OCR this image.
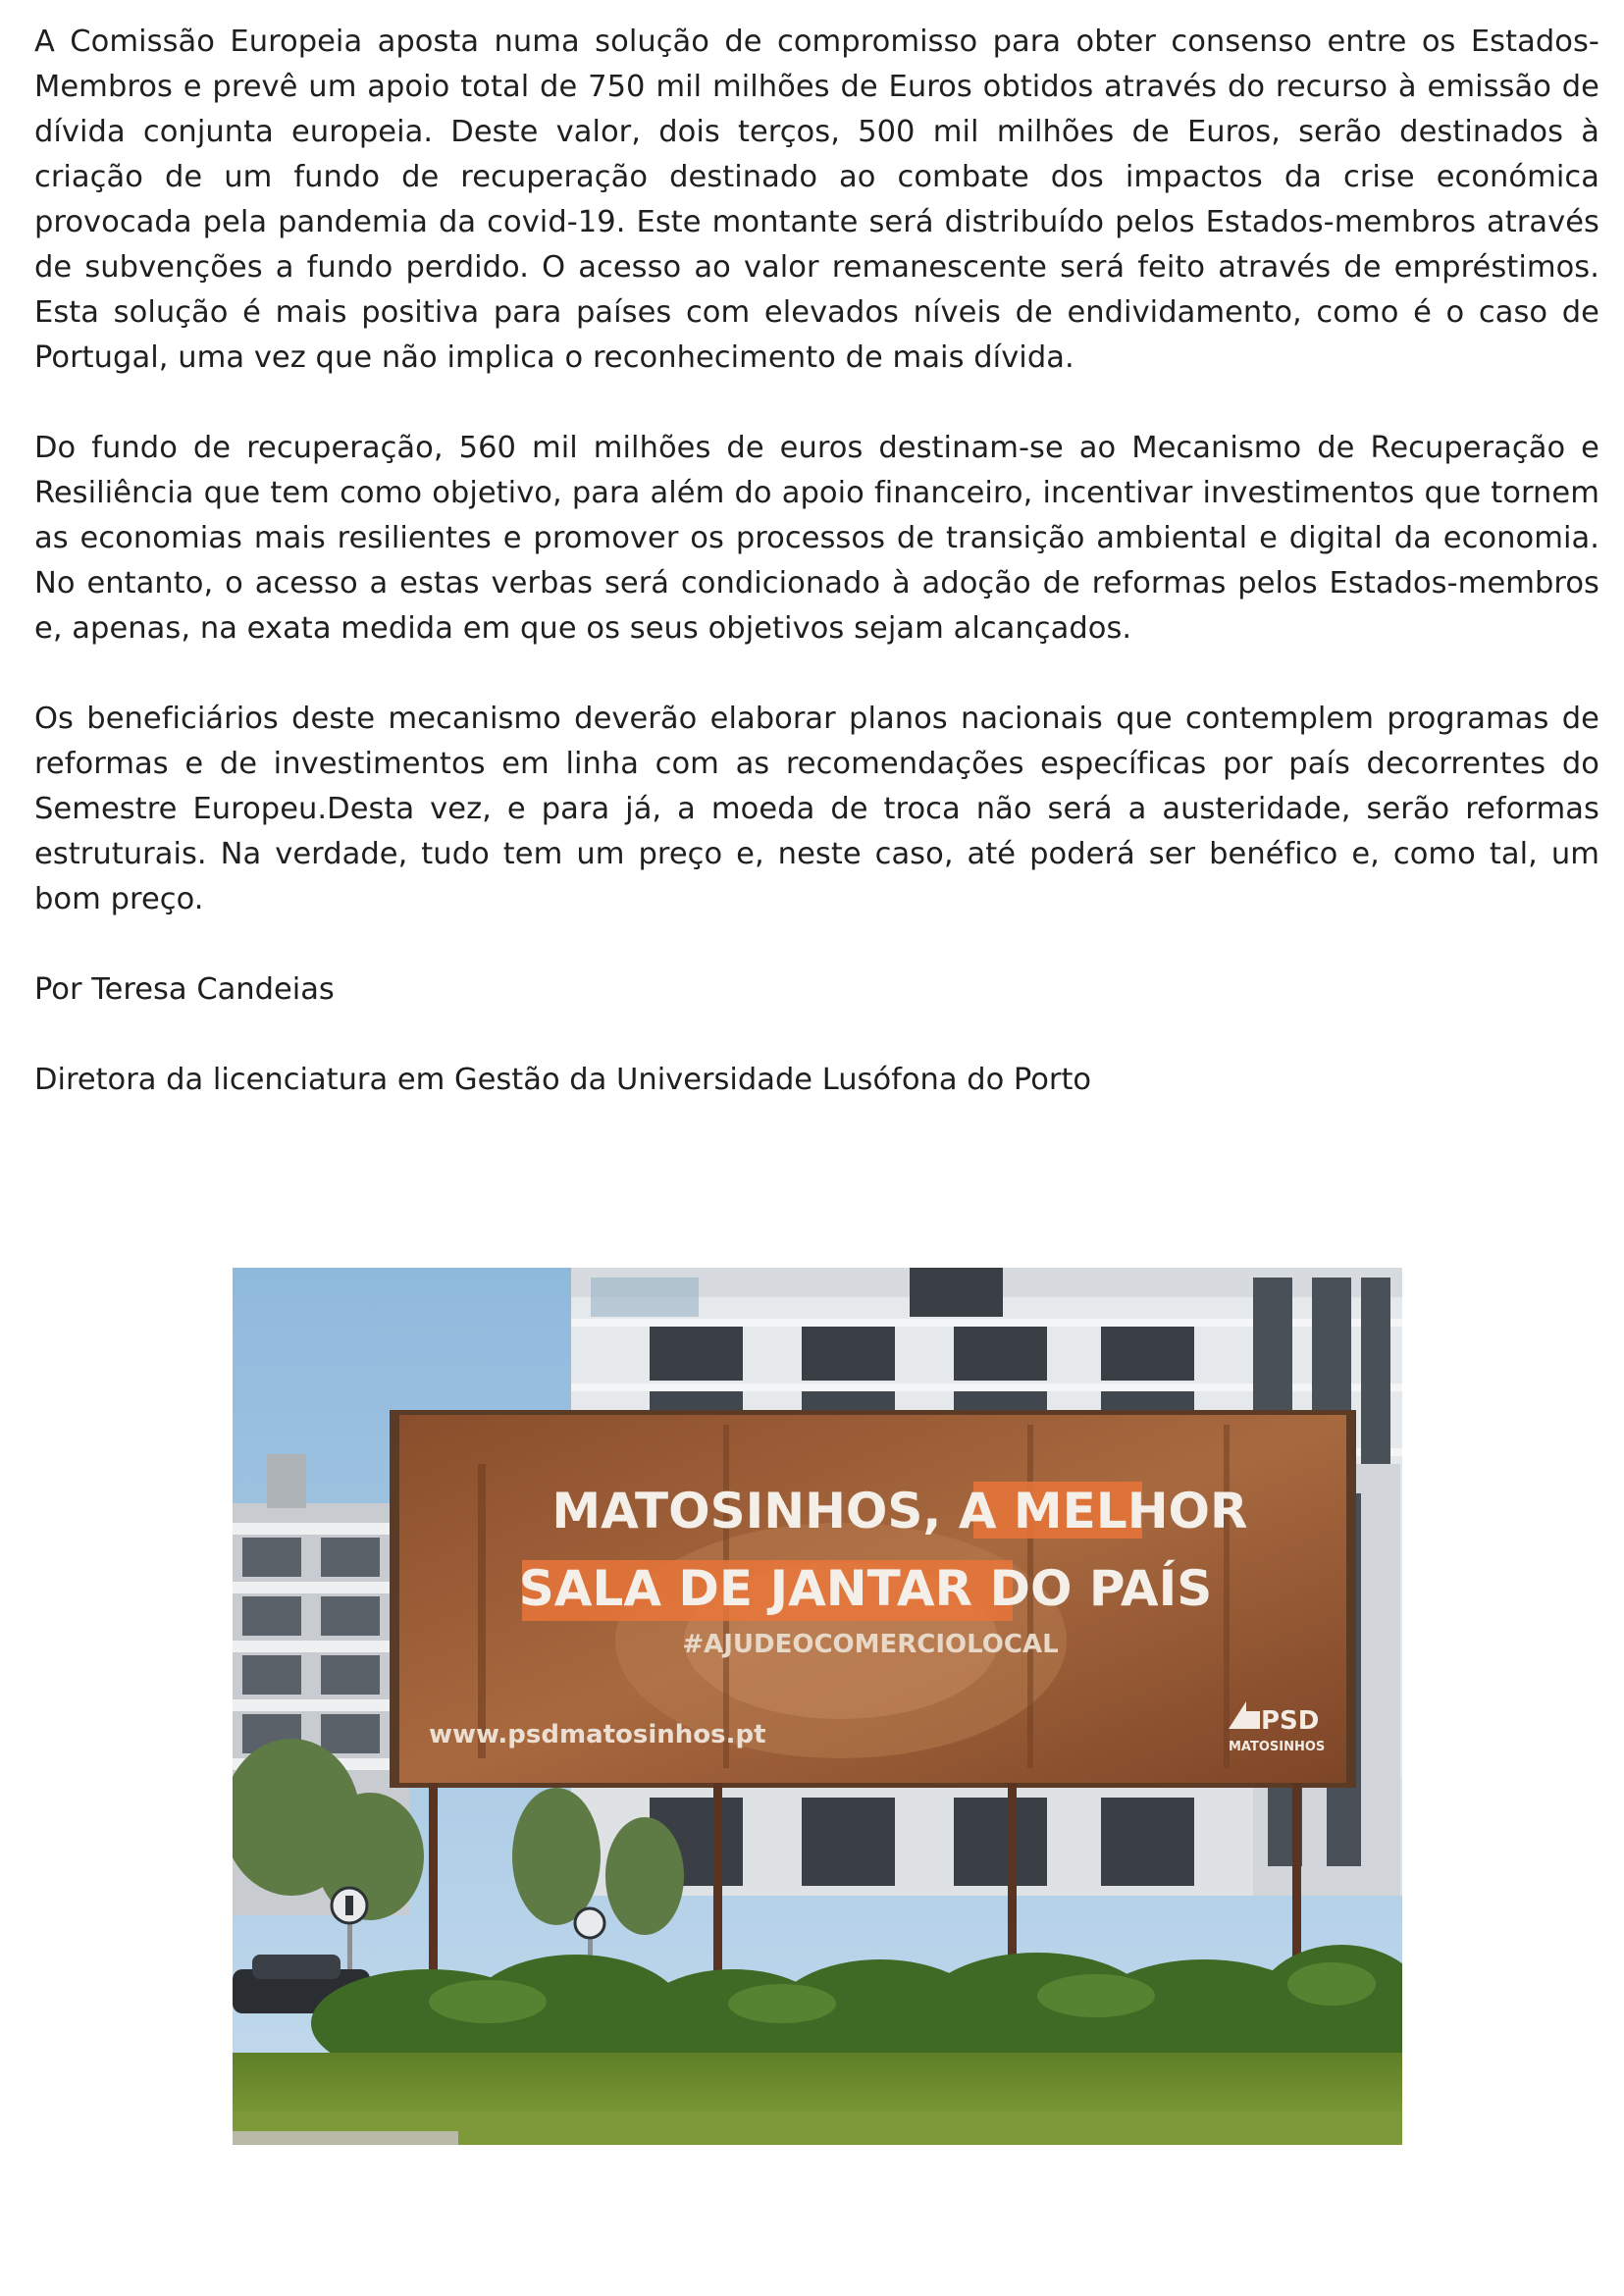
A Comissão Europeia aposta numa solução de compromisso para obter consenso entre os Estados-Membros e prevê um apoio total de 750 mil milhões de Euros obtidos através do recurso à emissão de dívida conjunta europeia. Deste valor, dois terços, 500 mil milhões de Euros, serão destinados à criação de um fundo de recuperação destinado ao combate dos impactos da crise económica provocada pela pandemia da covid-19. Este montante será distribuído pelos Estados-membros através de subvenções a fundo perdido. O acesso ao valor remanescente será feito através de empréstimos. Esta solução é mais positiva para países com elevados níveis de endividamento, como é o caso de Portugal, uma vez que não implica o reconhecimento de mais dívida.

Do fundo de recuperação, 560 mil milhões de euros destinam-se ao Mecanismo de Recuperação e Resiliência que tem como objetivo, para além do apoio financeiro, incentivar investimentos que tornem as economias mais resilientes e promover os processos de transição ambiental e digital da economia. No entanto, o acesso a estas verbas será condicionado à adoção de reformas pelos Estados-membros e, apenas, na exata medida em que os seus objetivos sejam alcançados.

Os beneficiários deste mecanismo deverão elaborar planos nacionais que contemplem programas de reformas e de investimentos em linha com as recomendações específicas por país decorrentes do Semestre Europeu.Desta vez, e para já, a moeda de troca não será a austeridade, serão reformas estruturais. Na verdade, tudo tem um preço e, neste caso, até poderá ser benéfico e, como tal, um bom preço.

Por Teresa Candeias

Diretora da licenciatura em Gestão da Universidade Lusófona do Porto

MATOSINHOS, A MELHOR
SALA DE JANTAR DO PAÍS
#AJUDEOCOMERCIOLOCAL
www.psdmatosinhos.pt	PSD
MATOSINHOS
